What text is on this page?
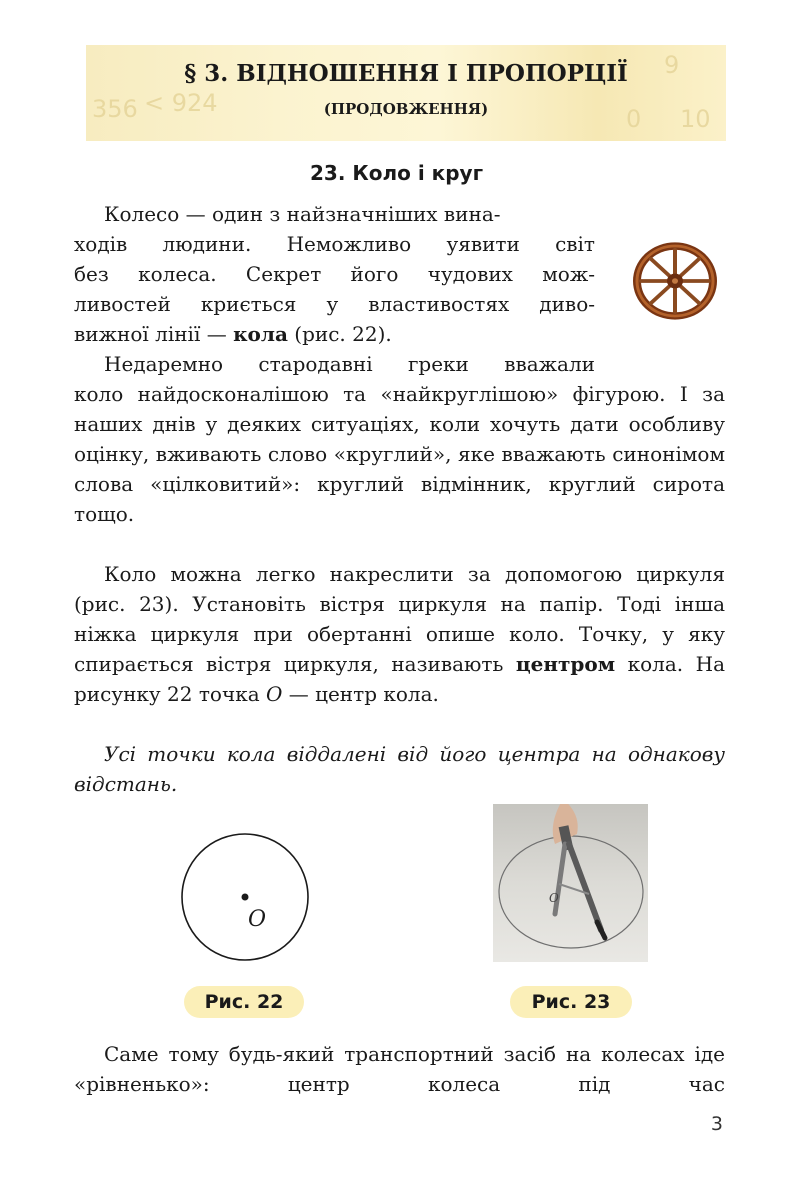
356 < 924
9
10
0
§ 3. ВІДНОШЕННЯ І ПРОПОРЦІЇ
(ПРОДОВЖЕННЯ)
23. Коло і круг
Колесо — один з найзначніших вина-

ходів людини. Неможливо уявити світ
без колеса. Секрет його чудових мож-
ливостей криється у властивостях диво-
вижної лінії — кола (рис. 22).
Недаремно стародавні греки вважали
коло найдосконалішою та «найкруглішою» фігурою. І за наших днів у деяких ситуаціях, коли хочуть дати особливу оцінку, вживають слово «круглий», яке вважають синонімом слова «цілковитий»: круглий відмінник, круглий сирота тощо.
Коло можна легко накреслити за допомогою циркуля (рис. 23). Установіть вістря циркуля на папір. Тоді інша ніжка циркуля при обертанні опише коло. Точку, у яку спирається вістря циркуля, називають центром кола. На рисунку 22 точка O — центр кола.
Усі точки кола віддалені від його центра на однакову відстань.
O
O
Рис. 22	Рис. 23
Саме тому будь-який транспортний засіб на колесах іде «рівненько»: центр колеса під час
3
